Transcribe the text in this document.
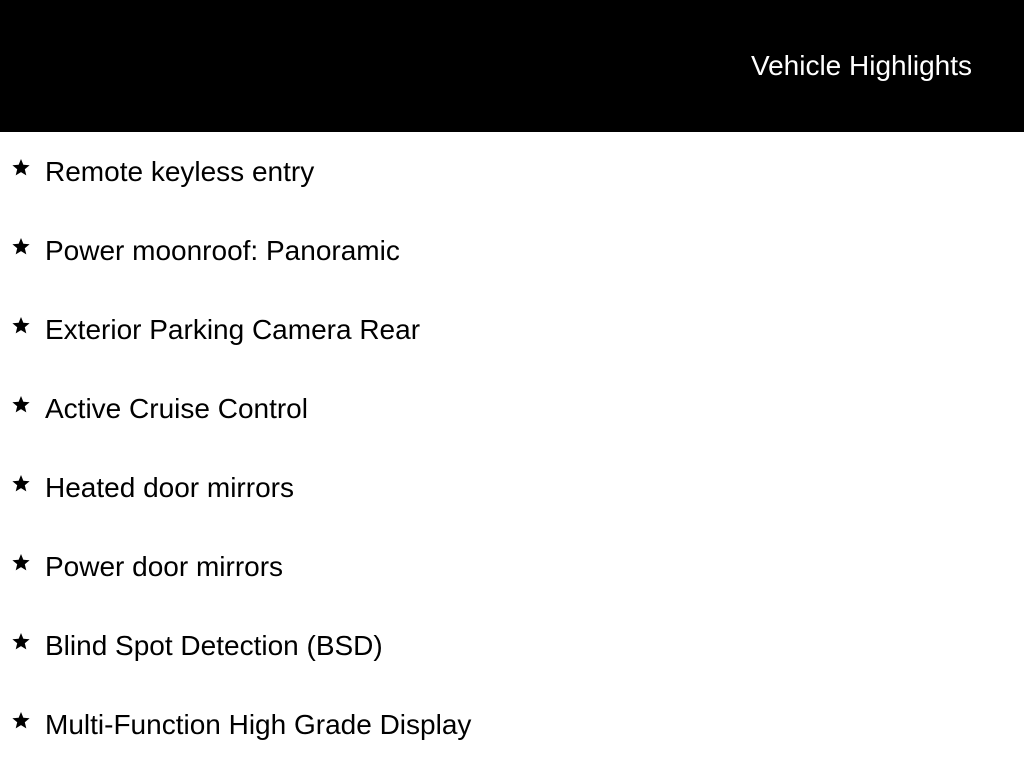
Vehicle Highlights
Remote keyless entry
Power moonroof: Panoramic
Exterior Parking Camera Rear
Active Cruise Control
Heated door mirrors
Power door mirrors
Blind Spot Detection (BSD)
Multi-Function High Grade Display
